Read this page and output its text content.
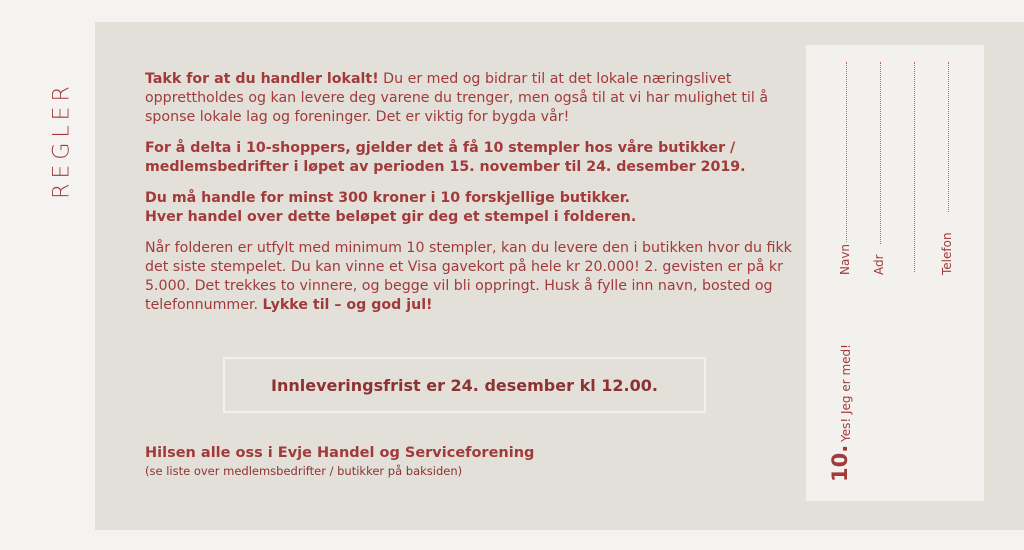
REGLER

Takk for at du handler lokalt! Du er med og bidrar til at det lokale næringslivet opprettholdes og kan levere deg varene du trenger, men også til at vi har mulighet til å sponse lokale lag og foreninger. Det er viktig for bygda vår!

For å delta i 10-shoppers, gjelder det å få 10 stempler hos våre butikker / medlemsbedrifter i løpet av perioden 15. november til 24. desember 2019.

Du må handle for minst 300 kroner i 10 forskjellige butikker.
Hver handel over dette beløpet gir deg et stempel i folderen.

Når folderen er utfylt med minimum 10 stempler, kan du levere den i butikken hvor du fikk det siste stempelet. Du kan vinne et Visa gavekort på hele kr 20.000! 2. gevisten er på kr 5.000. Det trekkes to vinnere, og begge vil bli oppringt. Husk å fylle inn navn, bosted og telefonnummer. Lykke til – og god jul!

Innleveringsfrist er 24. desember kl 12.00.
Hilsen alle oss i Evje Handel og Serviceforening
(se liste over medlemsbedrifter / butikker på baksiden)
Navn Adr	Telefon
10.
Yes! Jeg er med!
